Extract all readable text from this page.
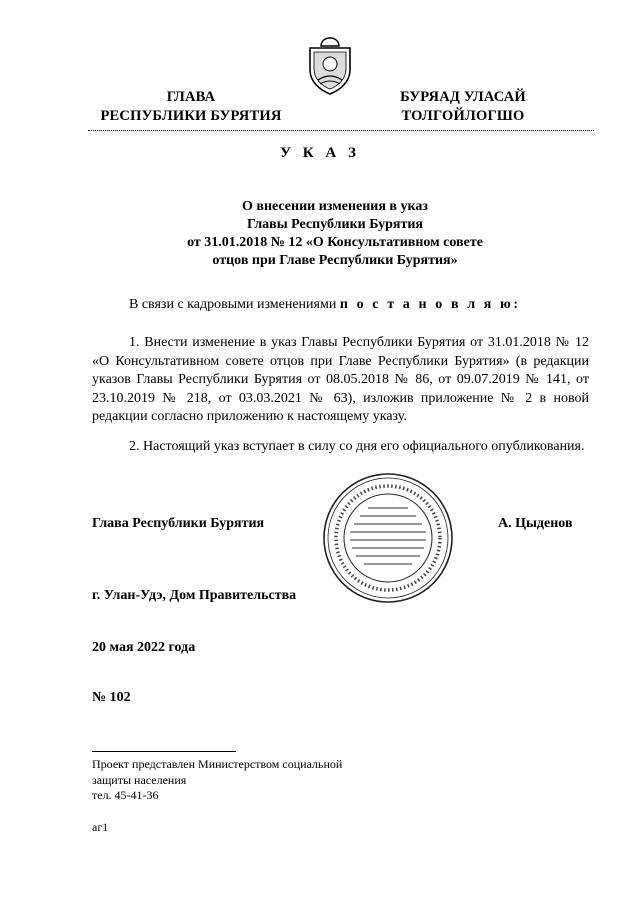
ГЛАВА
РЕСПУБЛИКИ БУРЯТИЯ
БУРЯАД УЛАСАЙ
ТОЛГОЙЛОГШО
У К А З
О внесении изменения в указ
Главы Республики Бурятия
от 31.01.2018 № 12 «О Консультативном совете
отцов при Главе Республики Бурятия»
В связи с кадровыми изменениями п о с т а н о в л я ю:
1. Внести изменение в указ Главы Республики Бурятия от 31.01.2018 № 12 «О Консультативном совете отцов при Главе Республики Бурятия» (в редакции указов Главы Республики Бурятия от 08.05.2018 № 86, от 09.07.2019 № 141, от 23.10.2019 № 218, от 03.03.2021 № 63), изложив приложение № 2 в новой редакции согласно приложению к настоящему указу.
2. Настоящий указ вступает в силу со дня его официального опубликования.
Глава Республики Бурятия	А. Цыденов
г. Улан-Удэ, Дом Правительства
20 мая 2022 года
№ 102
Проект представлен Министерством социальной
защиты населения
тел. 45-41-36
аг1
